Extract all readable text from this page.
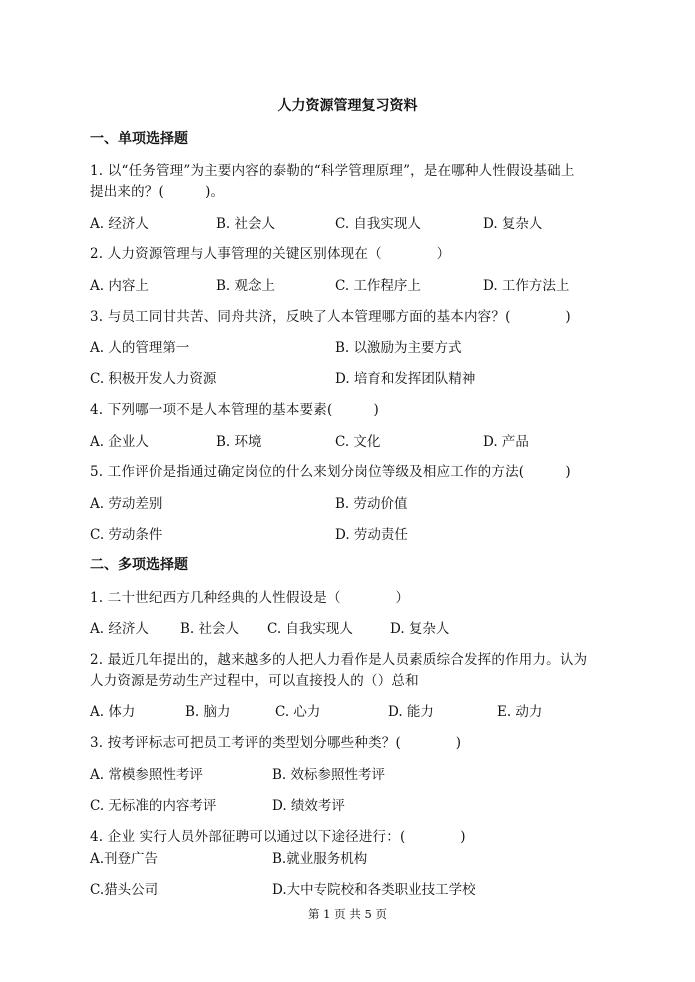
人力资源管理复习资料
一、单项选择题
1. 以“任务管理”为主要内容的泰勒的“科学管理原理”，是在哪种人性假设基础上
提出来的？(　　　)。
A. 经济人	B. 社会人	C. 自我实现人	D. 复杂人
2. 人力资源管理与人事管理的关键区别体现在（　　　　）
A. 内容上	B. 观念上	C. 工作程序上	D. 工作方法上
3. 与员工同甘共苦、同舟共济，反映了人本管理哪方面的基本内容？(　　　　)
A. 人的管理第一	B. 以激励为主要方式
C. 积极开发人力资源	D. 培育和发挥团队精神
4. 下列哪一项不是人本管理的基本要素(　　　)
A. 企业人	B. 环境	C. 文化	D. 产品
5. 工作评价是指通过确定岗位的什么来划分岗位等级及相应工作的方法(　　　)
A. 劳动差别	B. 劳动价值
C. 劳动条件	D. 劳动责任
二、多项选择题
1. 二十世纪西方几种经典的人性假设是（　　　　）
A. 经济人 B. 社会人 C. 自我实现人	D. 复杂人
2. 最近几年提出的，越来越多的人把人力看作是人员素质综合发挥的作用力。认为
人力资源是劳动生产过程中，可以直接投人的（）总和
A. 体力	B. 脑力	C. 心力	D. 能力	E. 动力
3. 按考评标志可把员工考评的类型划分哪些种类？(　　　　)
A. 常模参照性考评	B. 效标参照性考评
C. 无标准的内容考评	D. 绩效考评
4. 企业 实行人员外部征聘可以通过以下途径进行：(　　　　)
A.刊登广告	B.就业服务机构
C.猎头公司	D.大中专院校和各类职业技工学校
第 1 页 共 5 页
